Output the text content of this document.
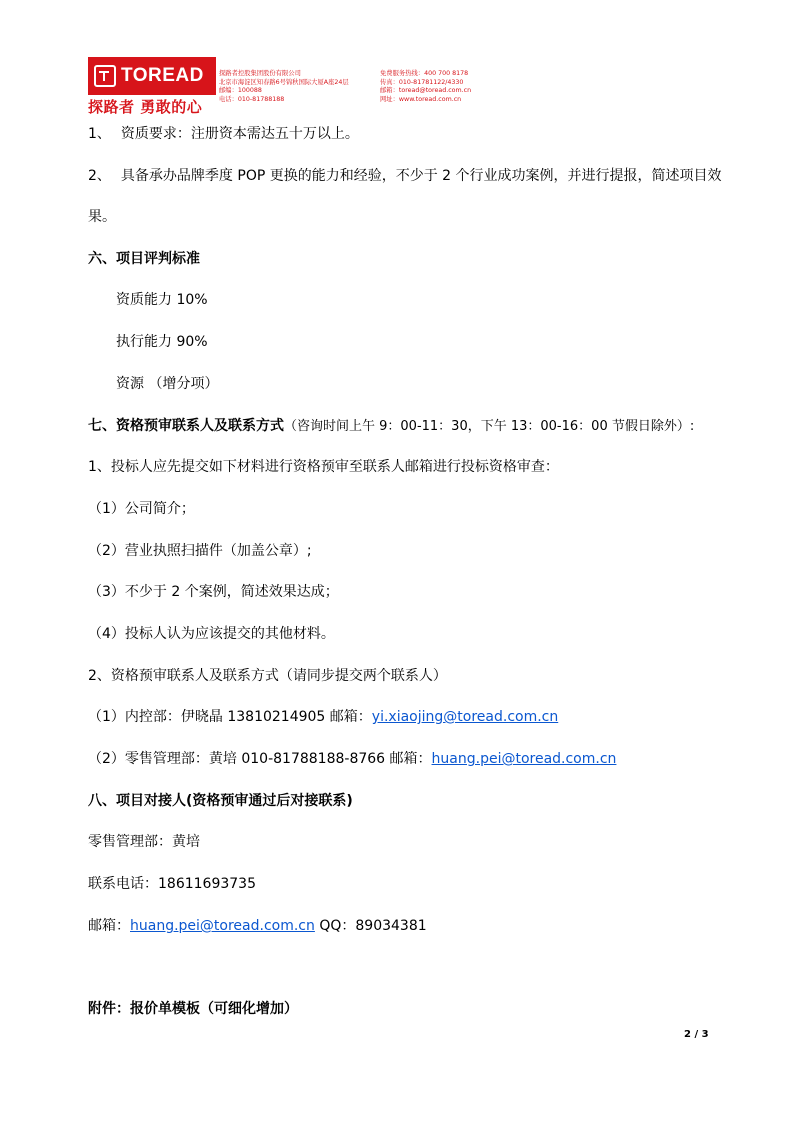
TOREAD
探路者 勇敢的心
探路者控股集团股份有限公司
北京市海淀区知春路6号锦秋国际大厦A座24层
邮编：100088
电话：010-81788188
免费服务热线：400 700 8178
传真：010-81781122/4330
邮箱：toread@toread.com.cn
网址：www.toread.com.cn
1、 资质要求：注册资本需达五十万以上。
2、 具备承办品牌季度 POP 更换的能力和经验，不少于 2 个行业成功案例，并进行提报，简述项目效
果。
六、项目评判标准
资质能力 10%
执行能力 90%
资源 （增分项）
七、资格预审联系人及联系方式（咨询时间上午 9：00-11：30，下午 13：00-16：00 节假日除外）:
1、投标人应先提交如下材料进行资格预审至联系人邮箱进行投标资格审查：
（1）公司简介；
（2）营业执照扫描件（加盖公章）;
（3）不少于 2 个案例，简述效果达成；
（4）投标人认为应该提交的其他材料。
2、资格预审联系人及联系方式（请同步提交两个联系人）
（1）内控部：伊晓晶 13810214905 邮箱：yi.xiaojing@toread.com.cn
（2）零售管理部：黄培 010-81788188-8766 邮箱：huang.pei@toread.com.cn
八、项目对接人(资格预审通过后对接联系)
零售管理部：黄培
联系电话：18611693735
邮箱：huang.pei@toread.com.cn QQ：89034381
附件：报价单模板（可细化增加）
2 / 3
